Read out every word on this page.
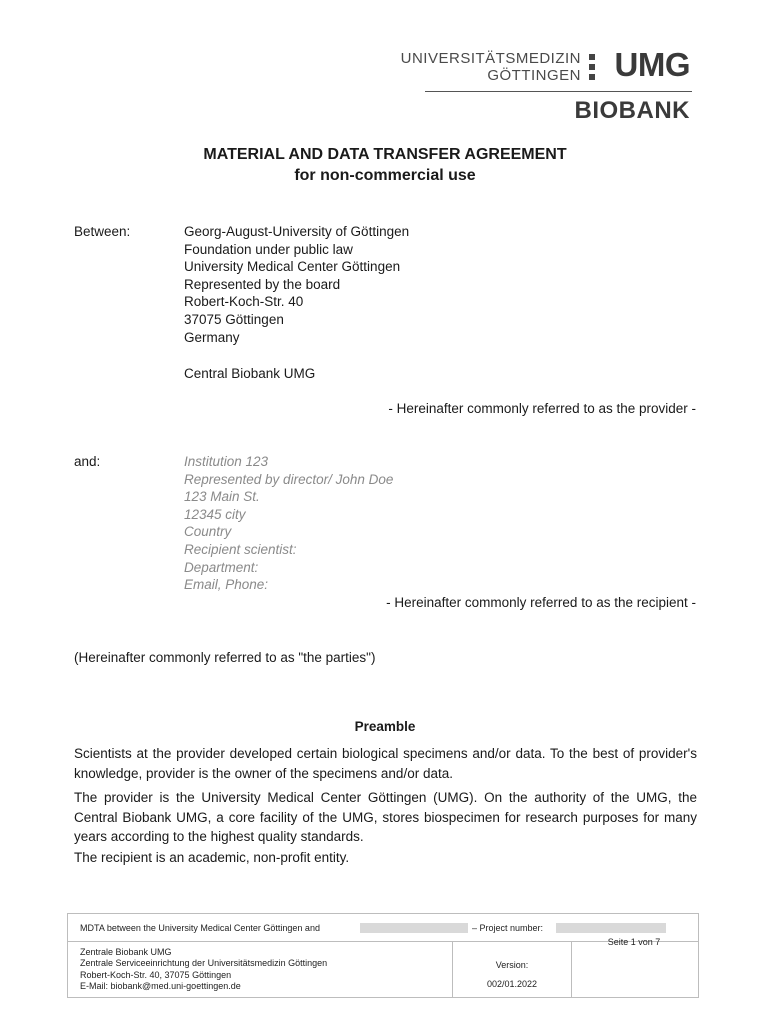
UNIVERSITÄTSMEDIZIN
GÖTTINGEN UMG
BIOBANK
MATERIAL AND DATA TRANSFER AGREEMENT
for non-commercial use
Between:	Georg-August-University of Göttingen
Foundation under public law
University Medical Center Göttingen
Represented by the board
Robert-Koch-Str. 40
37075 Göttingen
Germany
Central Biobank UMG
- Hereinafter commonly referred to as the provider -
and:	Institution 123
Represented by director/ John Doe
123 Main St.
12345 city
Country
Recipient scientist:
Department:
Email, Phone:
- Hereinafter commonly referred to as the recipient -
(Hereinafter commonly referred to as "the parties")
Preamble
Scientists at the provider developed certain biological specimens and/or data. To the best of provider's knowledge, provider is the owner of the specimens and/or data.
The provider is the University Medical Center Göttingen (UMG). On the authority of the UMG, the Central Biobank UMG, a core facility of the UMG, stores biospecimen for research purposes for many years according to the highest quality standards.
The recipient is an academic, non-profit entity.
MDTA between the University Medical Center Göttingen and	– Project number:
Zentrale Biobank UMG
Zentrale Serviceeinrichtung der Universitätsmedizin Göttingen
Robert-Koch-Str. 40, 37075 Göttingen
E-Mail: biobank@med.uni-goettingen.de
Version:
002/01.2022
Seite 1 von 7
